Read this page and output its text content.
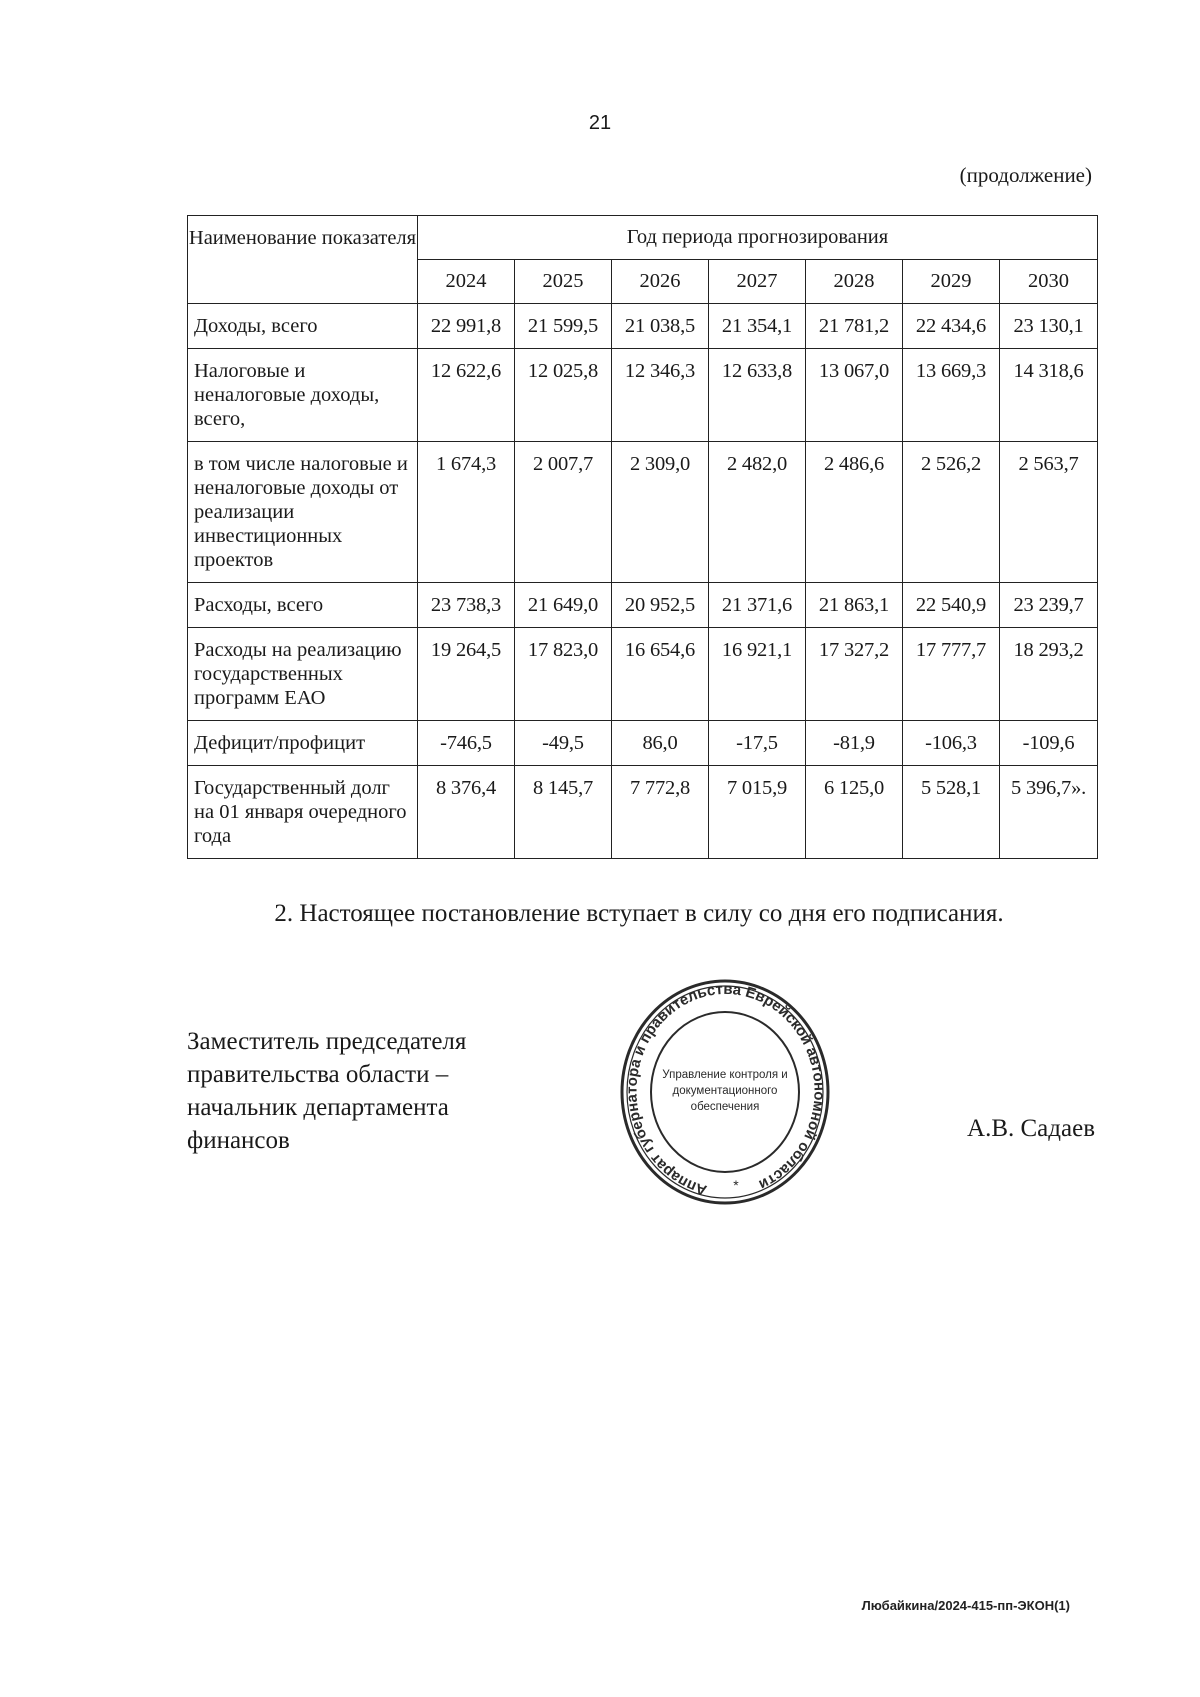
21
(продолжение)
Наименование показателя	Год периода прогнозирования						
	2024	2025	2026	2027	2028	2029	2030
Доходы, всего	22 991,8	21 599,5	21 038,5	21 354,1	21 781,2	22 434,6	23 130,1
Налоговые и неналоговые доходы, всего,	12 622,6	12 025,8	12 346,3	12 633,8	13 067,0	13 669,3	14 318,6
в том числе налоговые и неналоговые доходы от реализации инвестиционных проектов	1 674,3	2 007,7	2 309,0	2 482,0	2 486,6	2 526,2	2 563,7
Расходы, всего	23 738,3	21 649,0	20 952,5	21 371,6	21 863,1	22 540,9	23 239,7
Расходы на реализацию государственных программ ЕАО	19 264,5	17 823,0	16 654,6	16 921,1	17 327,2	17 777,7	18 293,2
Дефицит/профицит	-746,5	-49,5	86,0	-17,5	-81,9	-106,3	-109,6
Государственный долг на 01 января очередного года	8 376,4	8 145,7	7 772,8	7 015,9	6 125,0	5 528,1	5 396,7».
2. Настоящее постановление вступает в силу со дня его подписания.
Заместитель председателя
правительства области –
начальник департамента
финансов
Аппарат губернатора и правительства Еврейской автономной области
Управление контроля и
документационного
обеспечения
*
А.В. Садаев
Любайкина/2024-415-пп-ЭКОН(1)
